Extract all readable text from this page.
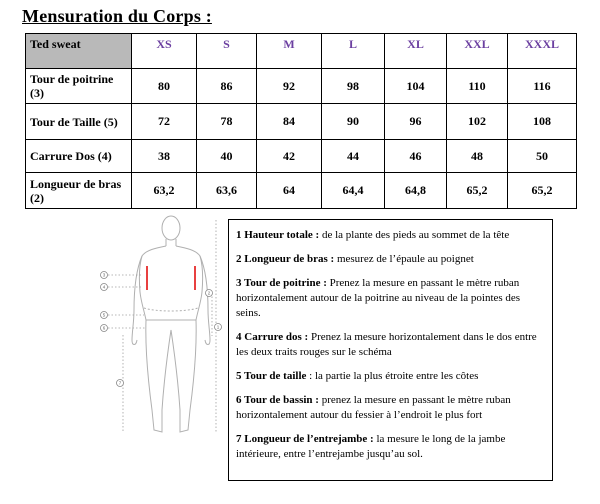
Mensuration du Corps :
Ted sweat	XS	S	M	L	XL	XXL	XXXL
Tour de poitrine (3)	80	86	92	98	104	110	116
Tour de Taille (5)	72	78	84	90	96	102	108
Carrure Dos (4)	38	40	42	44	46	48	50
Longueur de bras (2)	63,2	63,6	64	64,4	64,8	65,2	65,2
3
4
5
6
2
1
7

1 Hauteur totale : de la plante des pieds au sommet de la tête

2 Longueur de bras : mesurez de l’épaule au poignet

3 Tour de poitrine : Prenez la mesure en passant le mètre ruban horizontalement autour de la poitrine au niveau de la pointes des seins.

4 Carrure dos : Prenez la mesure horizontalement dans le dos entre les deux traits rouges sur le schéma

5 Tour de taille : la partie la plus étroite entre les côtes

6 Tour de bassin : prenez la mesure en passant le mètre ruban horizontalement autour du fessier à l’endroit le plus fort

7 Longueur de l’entrejambe : la mesure le long de la jambe intérieure, entre l’entrejambe jusqu’au sol.
